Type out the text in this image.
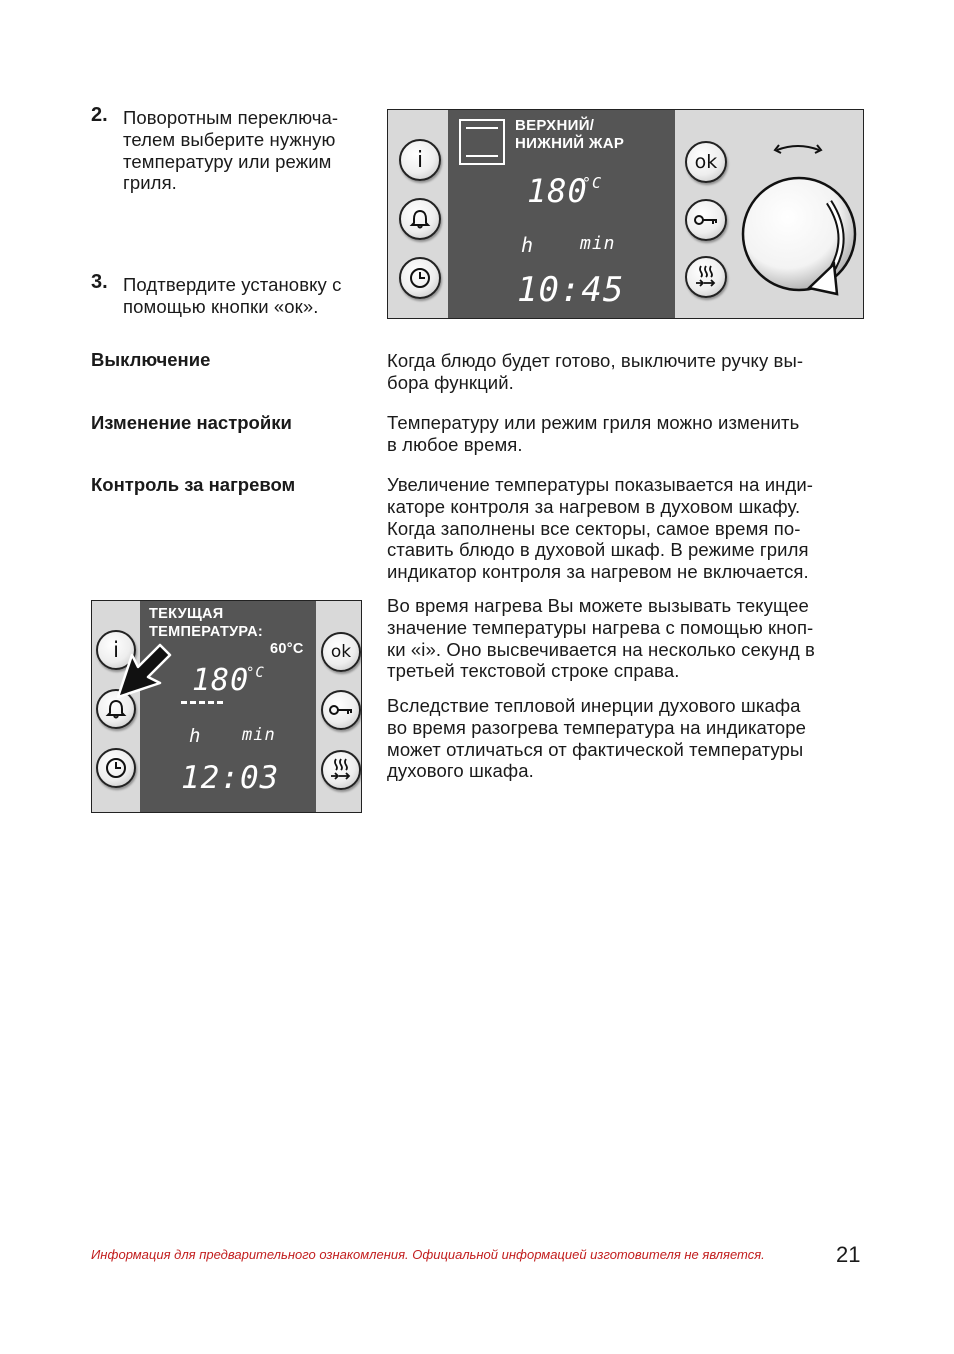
2. Поворотным переключа-
телем выберите нужную
температуру или режим
гриля.
3. Подтвердите установку с
помощью кнопки «ок».
i
ВЕРХНИЙ/
НИЖНИЙ ЖАР
180
°C
h	min
10:45
ok
Выключение	Когда блюдо будет готово, выключите ручку вы-
бора функций.
Изменение настройки	Температуру или режим гриля можно изменить
в любое время.
Контроль за нагревом	Увеличение температуры показывается на инди-
каторе контроля за нагревом в духовом шкафу.
Когда заполнены все секторы, самое время по-
ставить блюдо в духовой шкаф. В режиме гриля
индикатор контроля за нагревом не включается.
i
ТЕКУЩАЯ
ТЕМПЕРАТУРА:
60°C
180
°C
h min
12:03
ok
Во время нагрева Вы можете вызывать текущее
значение температуры нагрева с помощью кноп-
ки «i». Оно высвечивается на несколько секунд в
третьей текстовой строке справа.
Вследствие тепловой инерции духового шкафа
во время разогрева температура на индикаторе
может отличаться от фактической температуры
духового шкафа.
Информация для предварительного ознакомления. Официальной информацией изготовителя не является.	21
